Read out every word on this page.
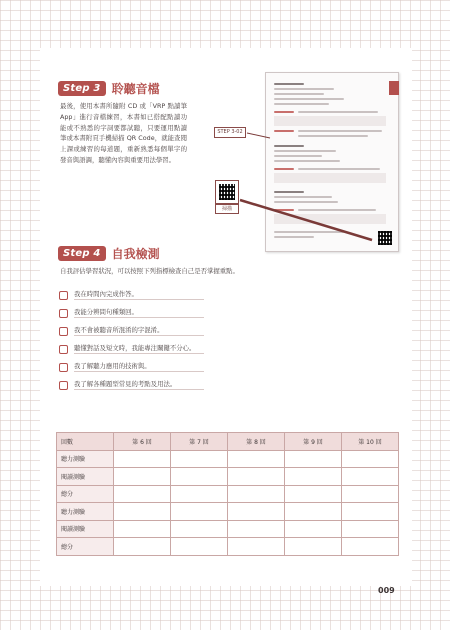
Step 3 聆聽音檔
最後，使用本書所隨附 CD 或「VRP 點讀筆 App」進行音檔練習，本書如已搭配點讀功能或不熟悉的字詞要都試聽，只要運用點讀筆或本書附頁手機掃描 QR Code，就能查閱上課或練習的每道題，重新熟悉每個單字的發音與語調，聽懂內容與重要用法學習。
STEP 3-02
掃描
Step 4 自我檢測
自我評估學習狀況，可以按照下列指標檢查自己是否掌握重點。
我在時間內完成作答。
我能分辨問句種類回。
我不會被聽音所混淆的字混淆。
聽懂對話及短文時，我能專注關鍵不分心。
我了解聽力應用的技術與。
我了解各種題型常見的考點及用法。
回數	第 6 回	第 7 回	第 8 回	第 9 回	第 10 回
聽力測驗					
閱讀測驗					
總分					
聽力測驗					
閱讀測驗					
總分					
009
